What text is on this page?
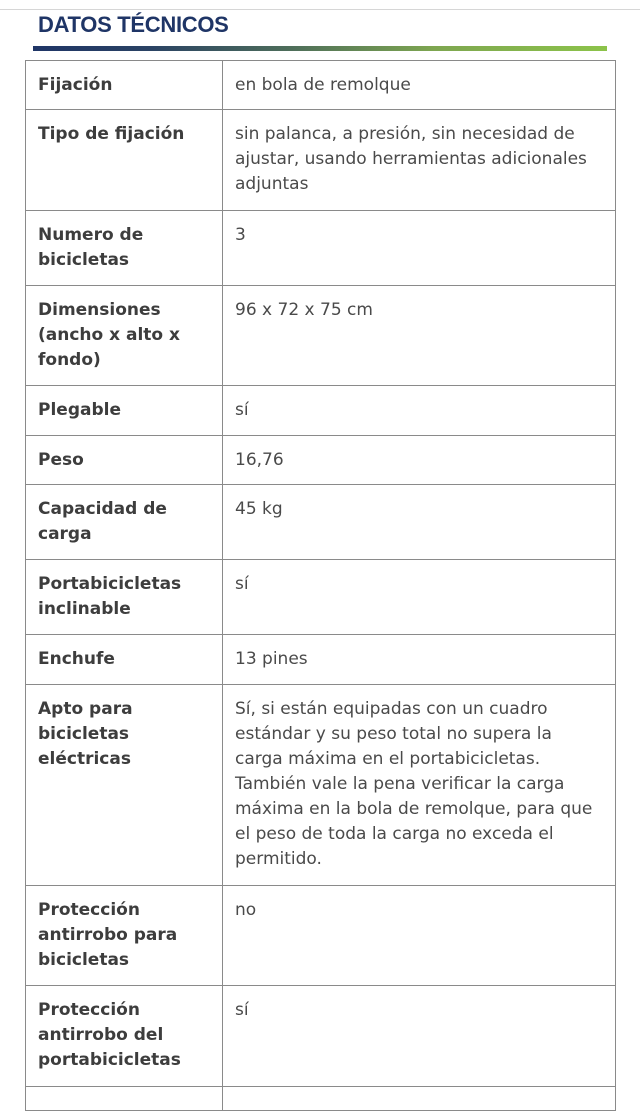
DATOS TÉCNICOS
Fijación	en bola de remolque
Tipo de fijación	sin palanca, a presión, sin necesidad de ajustar, usando herramientas adicionales adjuntas
Numero de bicicletas	3
Dimensiones (ancho x alto x fondo)	96 x 72 x 75 cm
Plegable	sí
Peso	16,76
Capacidad de carga	45 kg
Portabicicletas inclinable	sí
Enchufe	13 pines
Apto para bicicletas eléctricas	Sí, si están equipadas con un cuadro estándar y su peso total no supera la carga máxima en el portabicicletas. También vale la pena verificar la carga máxima en la bola de remolque, para que el peso de toda la carga no exceda el permitido.
Protección antirrobo para bicicletas	no
Protección antirrobo del portabicicletas	sí
